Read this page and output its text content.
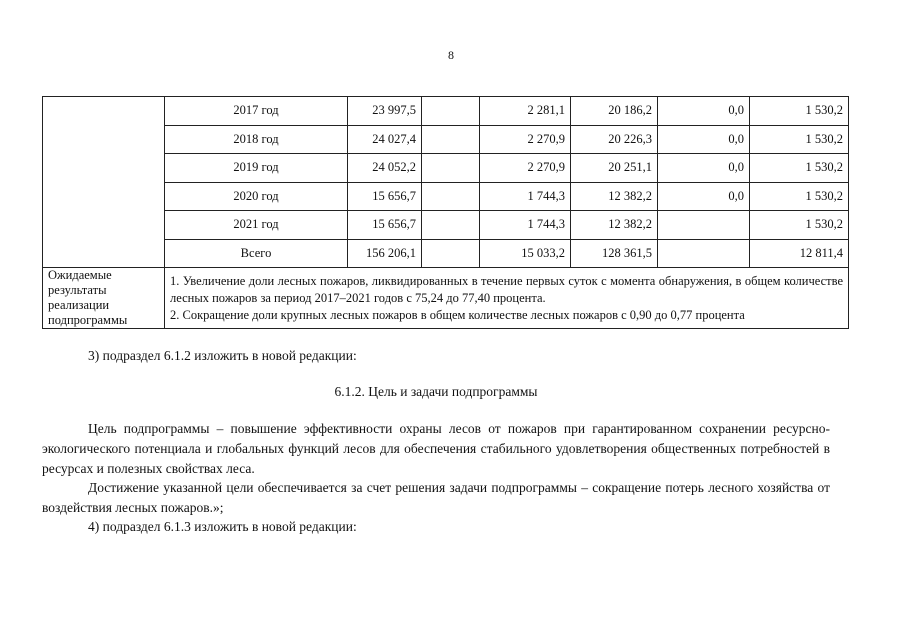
8
	2017 год	23 997,5		2 281,1	20 186,2	0,0	1 530,2
	2018 год	24 027,4		2 270,9	20 226,3	0,0	1 530,2
	2019 год	24 052,2		2 270,9	20 251,1	0,0	1 530,2
	2020 год	15 656,7		1 744,3	12 382,2	0,0	1 530,2
	2021 год	15 656,7		1 744,3	12 382,2		1 530,2
	Всего	156 206,1		15 033,2	128 361,5		12 811,4
Ожидаемые результаты реализации подпрограммы	1. Увеличение доли лесных пожаров, ликвидированных в течение первых суток с момента обнаружения, в общем количестве лесных пожаров за период 2017–2021 годов с 75,24 до 77,40 процента.
2. Сокращение доли крупных лесных пожаров в общем количестве лесных пожаров с 0,90 до 0,77 процента						

3) подраздел 6.1.2 изложить в новой редакции:

6.1.2. Цель и задачи подпрограммы

Цель подпрограммы – повышение эффективности охраны лесов от пожаров при гарантированном сохранении ресурсно-экологического потенциала и глобальных функций лесов для обеспечения стабильного удовлетворения общественных потребностей в ресурсах и полезных свойствах леса.

Достижение указанной цели обеспечивается за счет решения задачи подпрограммы – сокращение потерь лесного хозяйства от воздействия лесных пожаров.»;

4) подраздел 6.1.3 изложить в новой редакции:
